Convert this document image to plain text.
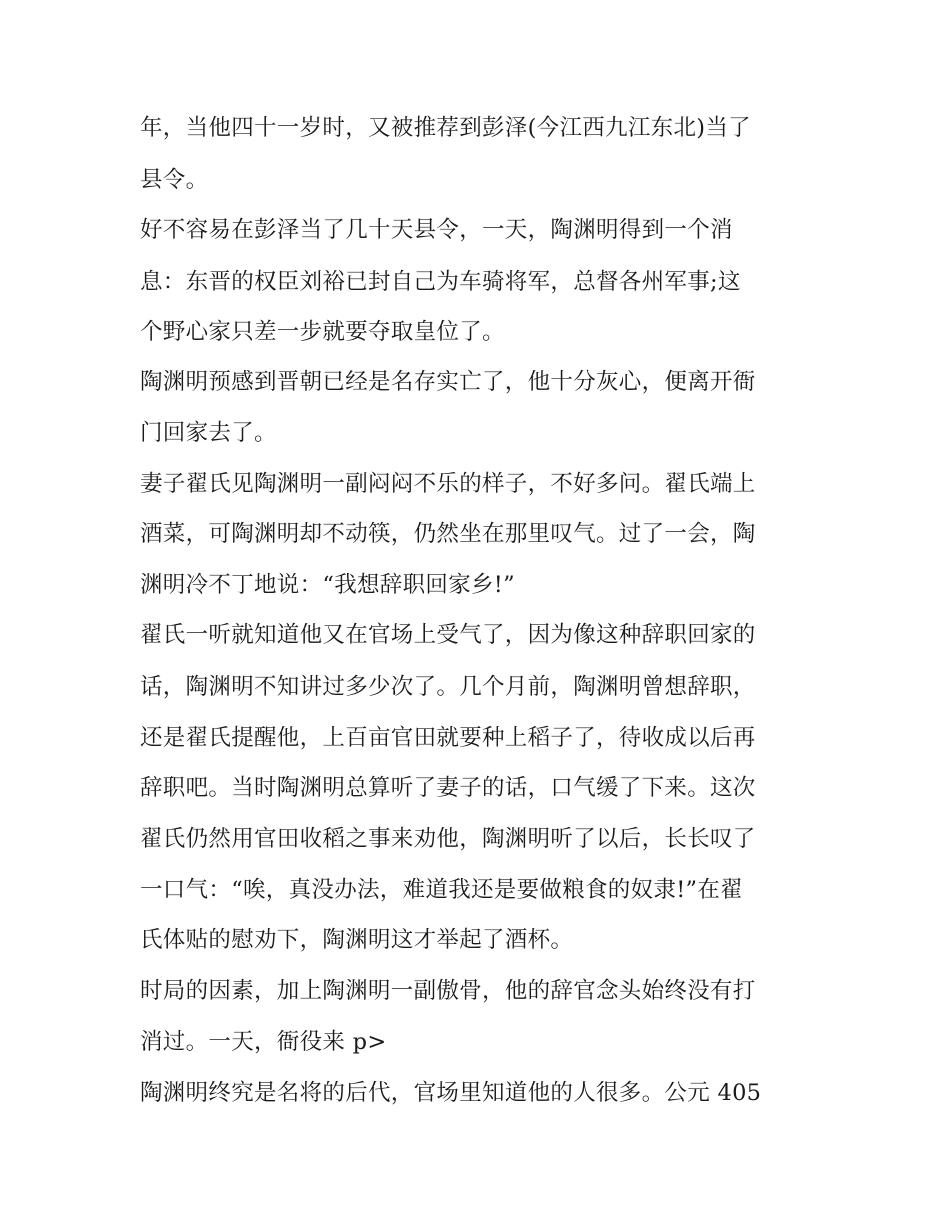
年，当他四十一岁时，又被推荐到彭泽(今江西九江东北)当了
县令。
好不容易在彭泽当了几十天县令，一天，陶渊明得到一个消
息：东晋的权臣刘裕已封自己为车骑将军，总督各州军事;这
个野心家只差一步就要夺取皇位了。
陶渊明预感到晋朝已经是名存实亡了，他十分灰心，便离开衙
门回家去了。
妻子翟氏见陶渊明一副闷闷不乐的样子，不好多问。翟氏端上
酒菜，可陶渊明却不动筷，仍然坐在那里叹气。过了一会，陶
渊明冷不丁地说：“我想辞职回家乡!”
翟氏一听就知道他又在官场上受气了，因为像这种辞职回家的
话，陶渊明不知讲过多少次了。几个月前，陶渊明曾想辞职，
还是翟氏提醒他，上百亩官田就要种上稻子了，待收成以后再
辞职吧。当时陶渊明总算听了妻子的话，口气缓了下来。这次
翟氏仍然用官田收稻之事来劝他，陶渊明听了以后，长长叹了
一口气：“唉，真没办法，难道我还是要做粮食的奴隶!”在翟
氏体贴的慰劝下，陶渊明这才举起了酒杯。
时局的因素，加上陶渊明一副傲骨，他的辞官念头始终没有打
消过。一天，衙役来 p>
陶渊明终究是名将的后代，官场里知道他的人很多。公元 405
